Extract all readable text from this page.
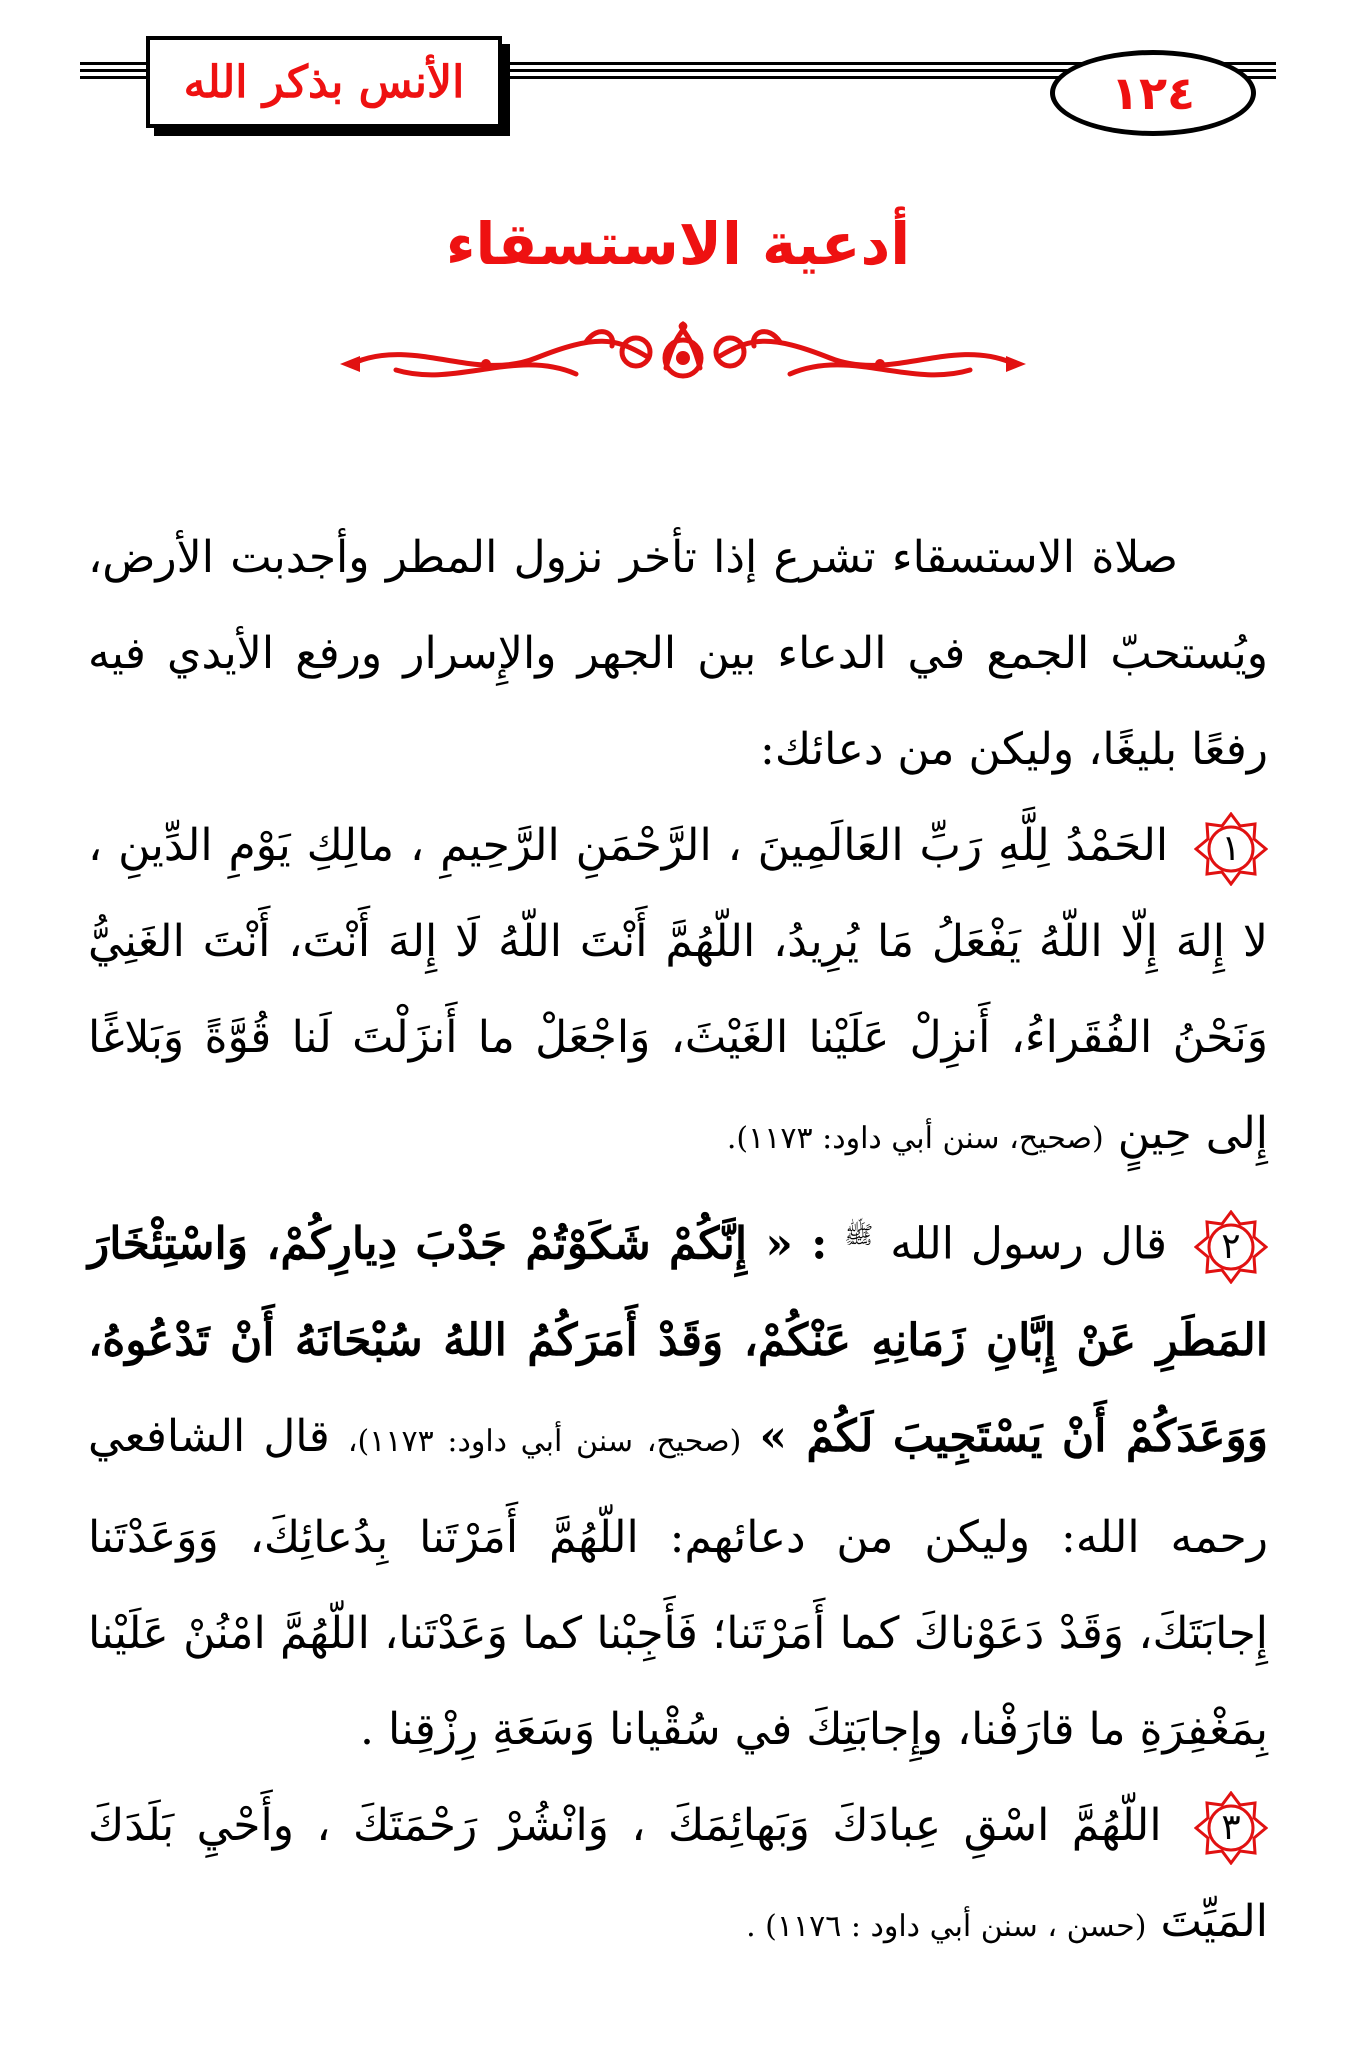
الأنس بذكر الله	١٢٤
أدعية الاستسقاء

صلاة الاستسقاء تشرع إذا تأخر نزول المطر وأجدبت الأرض، ويُستحبّ الجمع في الدعاء بين الجهر والإِسرار ورفع الأيدي فيه رفعًا بليغًا، وليكن من دعائك:

١
الحَمْدُ لِلَّهِ رَبِّ العَالَمِينَ ، الرَّحْمَنِ الرَّحِيمِ ، مالِكِ يَوْمِ الدِّينِ ، لا إِلهَ إِلّا اللّهُ يَفْعَلُ مَا يُرِيدُ، اللّهُمَّ أَنْتَ اللّهُ لَا إِلهَ أَنْتَ، أَنْتَ الغَنِيُّ وَنَحْنُ الفُقَراءُ، أَنزِلْ عَلَيْنا الغَيْثَ، وَاجْعَلْ ما أَنزَلْتَ لَنا قُوَّةً وَبَلاغًا إِلى حِينٍ (صحيح، سنن أبي داود: ١١٧٣).

٢
قال رسول الله $^ﷺ$ : « إِنَّكُمْ شَكَوْتُمْ جَدْبَ دِيارِكُمْ، وَاسْتِئْخَارَ المَطَرِ عَنْ إِبَّانِ زَمَانِهِ عَنْكُمْ، وَقَدْ أَمَرَكُمُ اللهُ سُبْحَانَهُ أَنْ تَدْعُوهُ، وَوَعَدَكُمْ أَنْ يَسْتَجِيبَ لَكُمْ » (صحيح، سنن أبي داود: ١١٧٣)، قال الشافعي رحمه الله: وليكن من دعائهم: اللّهُمَّ أَمَرْتَنا بِدُعائِكَ، وَوَعَدْتَنا إِجابَتَكَ، وَقَدْ دَعَوْناكَ كما أَمَرْتَنا؛ فَأَجِبْنا كما وَعَدْتَنا، اللّهُمَّ امْنُنْ عَلَيْنا بِمَغْفِرَةِ ما قارَفْنا، وإِجابَتِكَ في سُقْيانا وَسَعَةِ رِزْقِنا .

٣
اللّهُمَّ اسْقِ عِبادَكَ وَبَهائِمَكَ ، وَانْشُرْ رَحْمَتَكَ ، وأَحْيِ بَلَدَكَ المَيِّتَ (حسن ، سنن أبي داود : ١١٧٦) .
